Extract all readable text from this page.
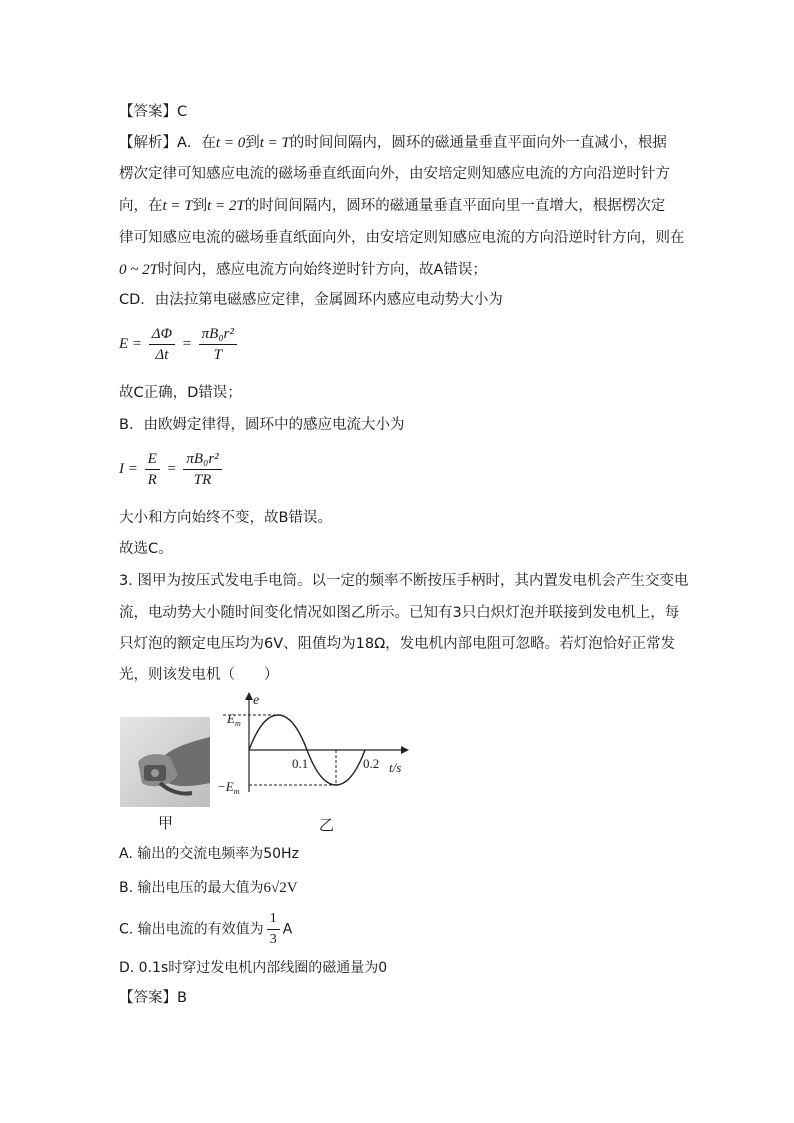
【答案】C
【解析】A．在t = 0到t = T的时间间隔内，圆环的磁通量垂直平面向外一直减小，根据
楞次定律可知感应电流的磁场垂直纸面向外，由安培定则知感应电流的方向沿逆时针方
向，在t = T到t = 2T的时间间隔内，圆环的磁通量垂直平面向里一直增大，根据楞次定
律可知感应电流的磁场垂直纸面向外，由安培定则知感应电流的方向沿逆时针方向，则在
0 ~ 2T时间内，感应电流方向始终逆时针方向，故A错误；
CD．由法拉第电磁感应定律，金属圆环内感应电动势大小为
$E = \frac{\Delta\Phi}{\Delta t} = \frac{\text{πB₀r²}}{T}$
故C正确，D错误；
B．由欧姆定律得，圆环中的感应电流大小为
$I = \frac{E}{R} = \frac{\text{πB₀r²}}{TR}$
大小和方向始终不变，故B错误。
故选C。
3. 图甲为按压式发电手电筒。以一定的频率不断按压手柄时，其内置发电机会产生交变电
流，电动势大小随时间变化情况如图乙所示。已知有3只白炽灯泡并联接到发电机上，每
只灯泡的额定电压均为6V、阻值均为18Ω，发电机内部电阻可忽略。若灯泡恰好正常发
光，则该发电机（　　）
甲
e
$E_m$
$-E_m$
0.1	0.2 t/s
乙
A. 输出的交流电频率为50Hz
B. 输出电压的最大值为6√2V
C. 输出电流的有效值为 $\frac{1}{3}$ A
D. 0.1s时穿过发电机内部线圈的磁通量为0
【答案】B
